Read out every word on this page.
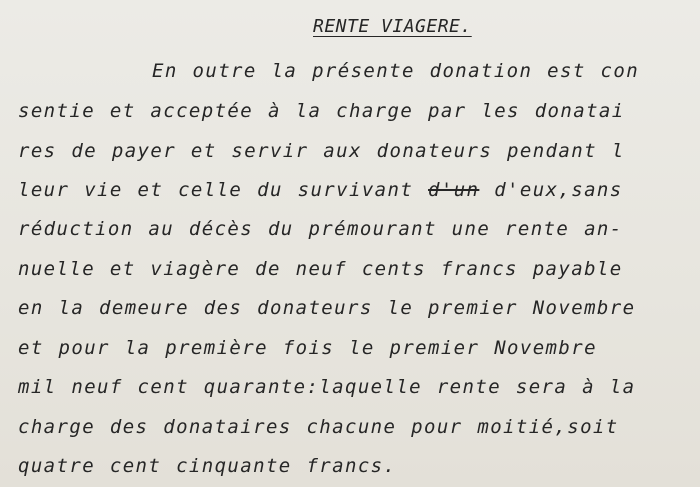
RENTE VIAGERE.
En outre la présente donation est con
sentie et acceptée à la charge par les donatai
res de payer et servir aux donateurs pendant l
leur vie et celle du survivant d'un d'eux,sans
réduction au décès du prémourant une rente an-
nuelle et viagère de neuf cents francs payable
en la demeure des donateurs le premier Novembre
et pour la première fois le premier Novembre
mil neuf cent quarante:laquelle rente sera à la
charge des donataires chacune pour moitié,soit
quatre cent cinquante francs.
